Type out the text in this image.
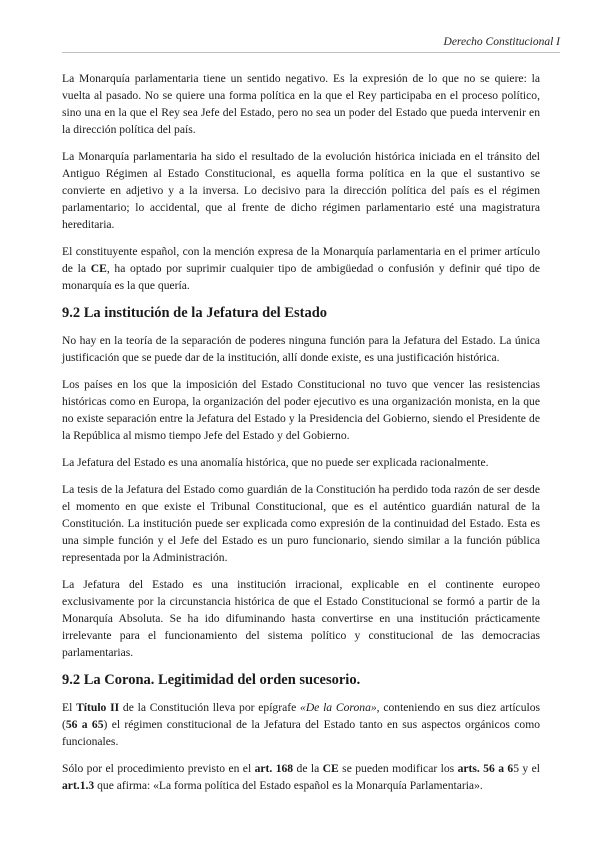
Derecho Constitucional I

La Monarquía parlamentaria tiene un sentido negativo. Es la expresión de lo que no se quiere: la vuelta al pasado. No se quiere una forma política en la que el Rey participaba en el proceso político, sino una en la que el Rey sea Jefe del Estado, pero no sea un poder del Estado que pueda intervenir en la dirección política del país.

La Monarquía parlamentaria ha sido el resultado de la evolución histórica iniciada en el tránsito del Antiguo Régimen al Estado Constitucional, es aquella forma política en la que el sustantivo se convierte en adjetivo y a la inversa. Lo decisivo para la dirección política del país es el régimen parlamentario; lo accidental, que al frente de dicho régimen parlamentario esté una magistratura hereditaria.

El constituyente español, con la mención expresa de la Monarquía parlamentaria en el primer artículo de la CE, ha optado por suprimir cualquier tipo de ambigüedad o confusión y definir qué tipo de monarquía es la que quería.

9.2 La institución de la Jefatura del Estado

No hay en la teoría de la separación de poderes ninguna función para la Jefatura del Estado. La única justificación que se puede dar de la institución, allí donde existe, es una justificación histórica.

Los países en los que la imposición del Estado Constitucional no tuvo que vencer las resistencias históricas como en Europa, la organización del poder ejecutivo es una organización monista, en la que no existe separación entre la Jefatura del Estado y la Presidencia del Gobierno, siendo el Presidente de la República al mismo tiempo Jefe del Estado y del Gobierno.

La Jefatura del Estado es una anomalía histórica, que no puede ser explicada racionalmente.

La tesis de la Jefatura del Estado como guardián de la Constitución ha perdido toda razón de ser desde el momento en que existe el Tribunal Constitucional, que es el auténtico guardián natural de la Constitución. La institución puede ser explicada como expresión de la continuidad del Estado. Esta es una simple función y el Jefe del Estado es un puro funcionario, siendo similar a la función pública representada por la Administración.

La Jefatura del Estado es una institución irracional, explicable en el continente europeo exclusivamente por la circunstancia histórica de que el Estado Constitucional se formó a partir de la Monarquía Absoluta. Se ha ido difuminando hasta convertirse en una institución prácticamente irrelevante para el funcionamiento del sistema político y constitucional de las democracias parlamentarias.

9.2 La Corona. Legitimidad del orden sucesorio.

El Título II de la Constitución lleva por epígrafe «De la Corona», conteniendo en sus diez artículos (56 a 65) el régimen constitucional de la Jefatura del Estado tanto en sus aspectos orgánicos como funcionales.

Sólo por el procedimiento previsto en el art. 168 de la CE se pueden modificar los arts. 56 a 65 y el art.1.3 que afirma: «La forma política del Estado español es la Monarquía Parlamentaria».
